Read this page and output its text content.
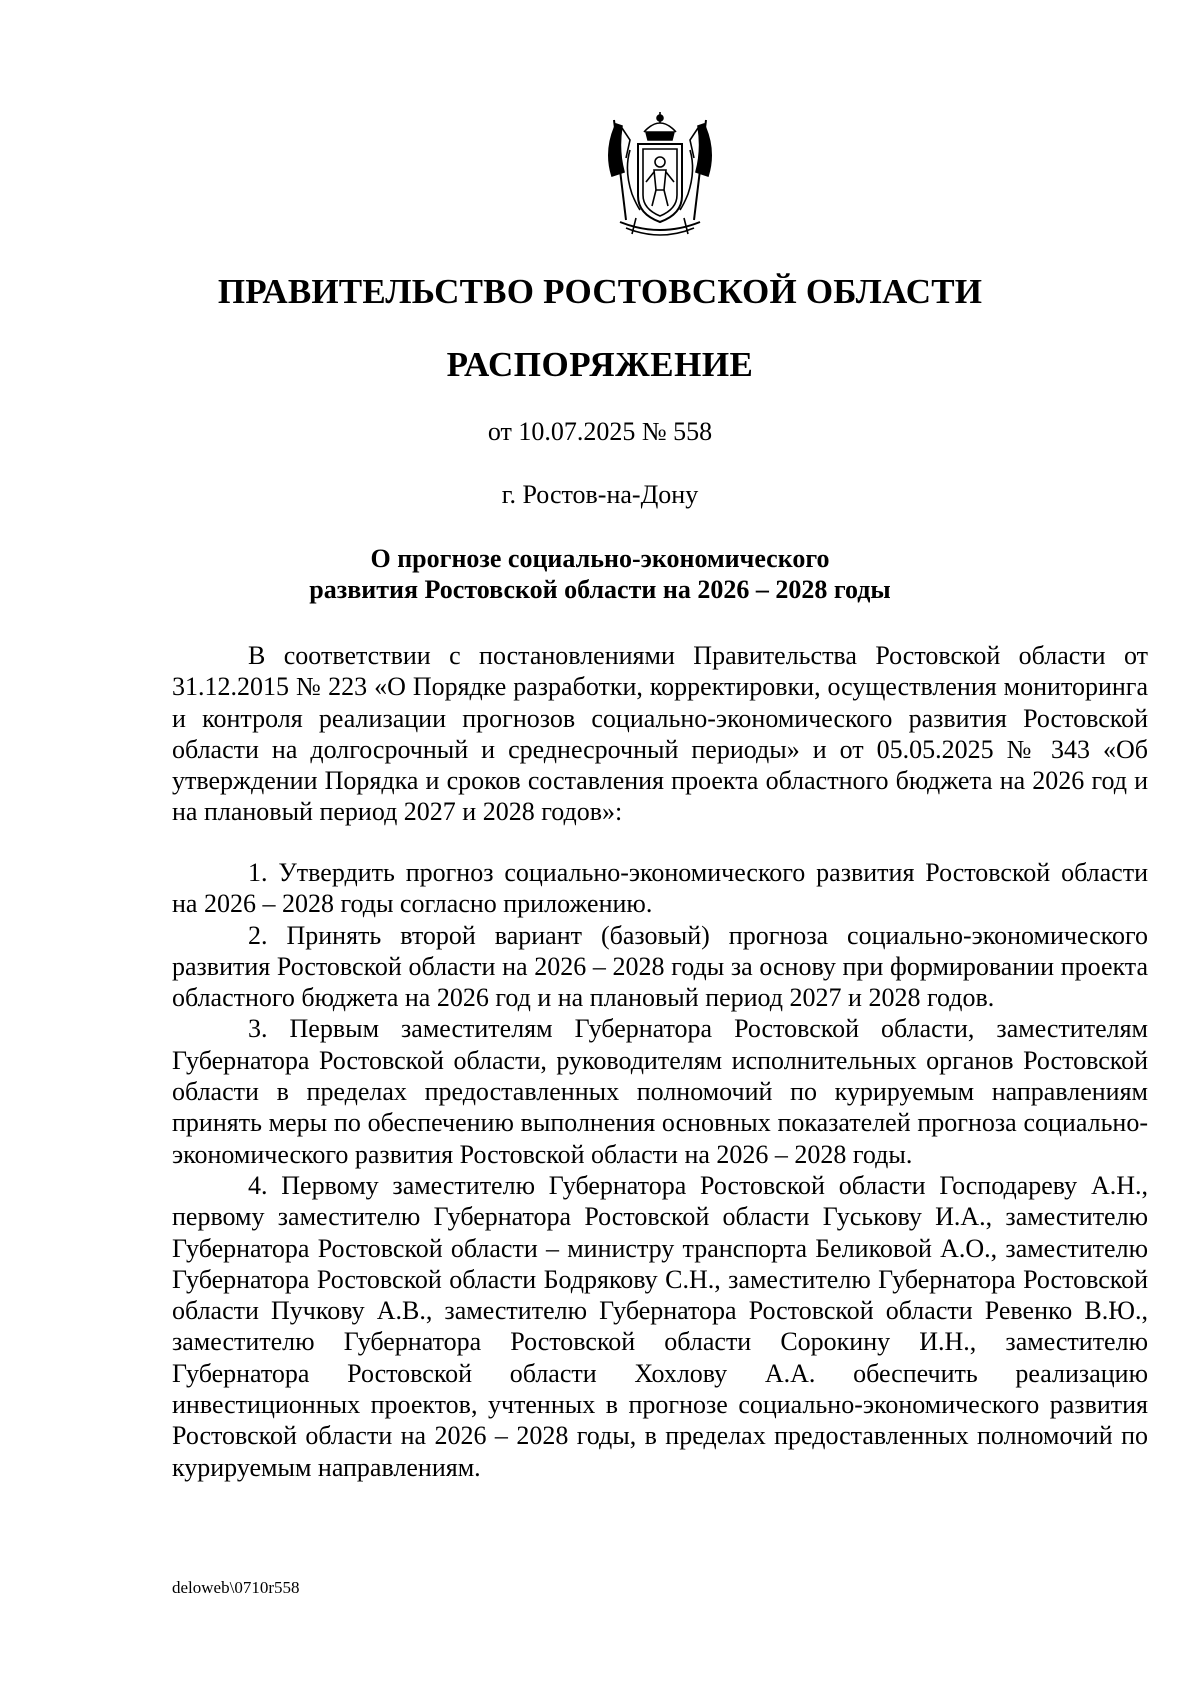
ПРАВИТЕЛЬСТВО РОСТОВСКОЙ ОБЛАСТИ
РАСПОРЯЖЕНИЕ
от 10.07.2025 № 558
г. Ростов-на-Дону
О прогнозе социально-экономического
развития Ростовской области на 2026 – 2028 годы

В соответствии с постановлениями Правительства Ростовской области от 31.12.2015 № 223 «О Порядке разработки, корректировки, осуществления мониторинга и контроля реализации прогнозов социально-экономического развития Ростовской области на долгосрочный и среднесрочный периоды» и от 05.05.2025 № 343 «Об утверждении Порядка и сроков составления проекта областного бюджета на 2026 год и на плановый период 2027 и 2028 годов»:

1. Утвердить прогноз социально-экономического развития Ростовской области на 2026 – 2028 годы согласно приложению.

2. Принять второй вариант (базовый) прогноза социально-экономического развития Ростовской области на 2026 – 2028 годы за основу при формировании проекта областного бюджета на 2026 год и на плановый период 2027 и 2028 годов.

3. Первым заместителям Губернатора Ростовской области, заместителям Губернатора Ростовской области, руководителям исполнительных органов Ростовской области в пределах предоставленных полномочий по курируемым направлениям принять меры по обеспечению выполнения основных показателей прогноза социально-экономического развития Ростовской области на 2026 – 2028 годы.

4. Первому заместителю Губернатора Ростовской области Господареву А.Н., первому заместителю Губернатора Ростовской области Гуськову И.А., заместителю Губернатора Ростовской области – министру транспорта Беликовой А.О., заместителю Губернатора Ростовской области Бодрякову С.Н., заместителю Губернатора Ростовской области Пучкову А.В., заместителю Губернатора Ростовской области Ревенко В.Ю., заместителю Губернатора Ростовской области Сорокину И.Н., заместителю Губернатора Ростовской области Хохлову А.А. обеспечить реализацию инвестиционных проектов, учтенных в прогнозе социально-экономического развития Ростовской области на 2026 – 2028 годы, в пределах предоставленных полномочий по курируемым направлениям.

deloweb\0710r558
